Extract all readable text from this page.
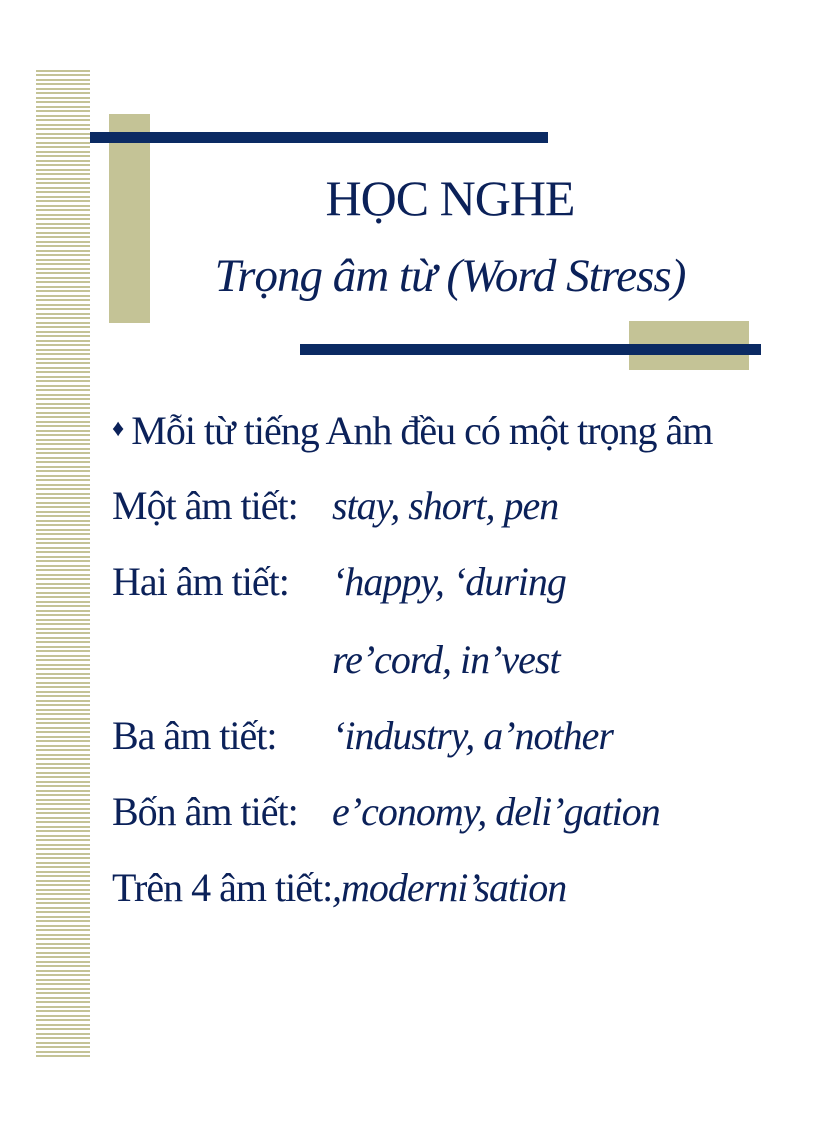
HỌC NGHE
Trọng âm từ (Word Stress)
♦ Mỗi từ tiếng Anh đều có một trọng âm
Một âm tiết: stay, short, pen
Hai âm tiết: ‘happy, ‘during
re’cord, in’vest
Ba âm tiết: ‘industry, a’nother
Bốn âm tiết: e’conomy, deli’gation
Trên 4 âm tiết: ,moderni’sation
